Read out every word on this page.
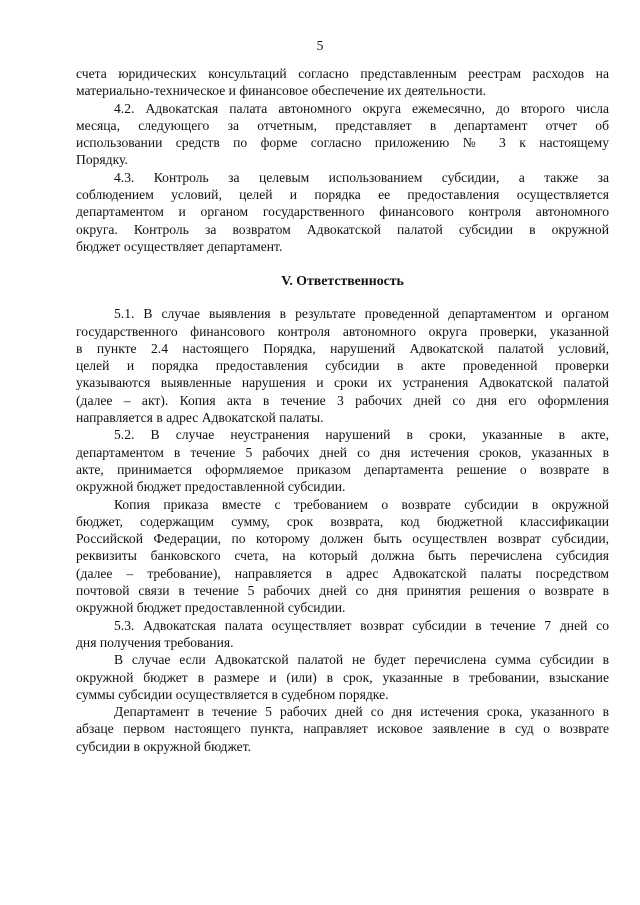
5
счета юридических консультаций согласно представленным реестрам расходов на
материально-техническое и финансовое обеспечение их деятельности.
4.2. Адвокатская палата автономного округа ежемесячно, до второго числа
месяца, следующего за отчетным, представляет в департамент отчет об
использовании средств по форме согласно приложению № 3 к настоящему
Порядку.
4.3. Контроль за целевым использованием субсидии, а также за
соблюдением условий, целей и порядка ее предоставления осуществляется
департаментом и органом государственного финансового контроля автономного
округа. Контроль за возвратом Адвокатской палатой субсидии в окружной
бюджет осуществляет департамент.
V. Ответственность
5.1. В случае выявления в результате проведенной департаментом и органом
государственного финансового контроля автономного округа проверки, указанной
в пункте 2.4 настоящего Порядка, нарушений Адвокатской палатой условий,
целей и порядка предоставления субсидии в акте проведенной проверки
указываются выявленные нарушения и сроки их устранения Адвокатской палатой
(далее – акт). Копия акта в течение 3 рабочих дней со дня его оформления
направляется в адрес Адвокатской палаты.
5.2. В случае неустранения нарушений в сроки, указанные в акте,
департаментом в течение 5 рабочих дней со дня истечения сроков, указанных в
акте, принимается оформляемое приказом департамента решение о возврате в
окружной бюджет предоставленной субсидии.
Копия приказа вместе с требованием о возврате субсидии в окружной
бюджет, содержащим сумму, срок возврата, код бюджетной классификации
Российской Федерации, по которому должен быть осуществлен возврат субсидии,
реквизиты банковского счета, на который должна быть перечислена субсидия
(далее – требование), направляется в адрес Адвокатской палаты посредством
почтовой связи в течение 5 рабочих дней со дня принятия решения о возврате в
окружной бюджет предоставленной субсидии.
5.3. Адвокатская палата осуществляет возврат субсидии в течение 7 дней со
дня получения требования.
В случае если Адвокатской палатой не будет перечислена сумма субсидии в
окружной бюджет в размере и (или) в срок, указанные в требовании, взыскание
суммы субсидии осуществляется в судебном порядке.
Департамент в течение 5 рабочих дней со дня истечения срока, указанного в
абзаце первом настоящего пункта, направляет исковое заявление в суд о возврате
субсидии в окружной бюджет.
